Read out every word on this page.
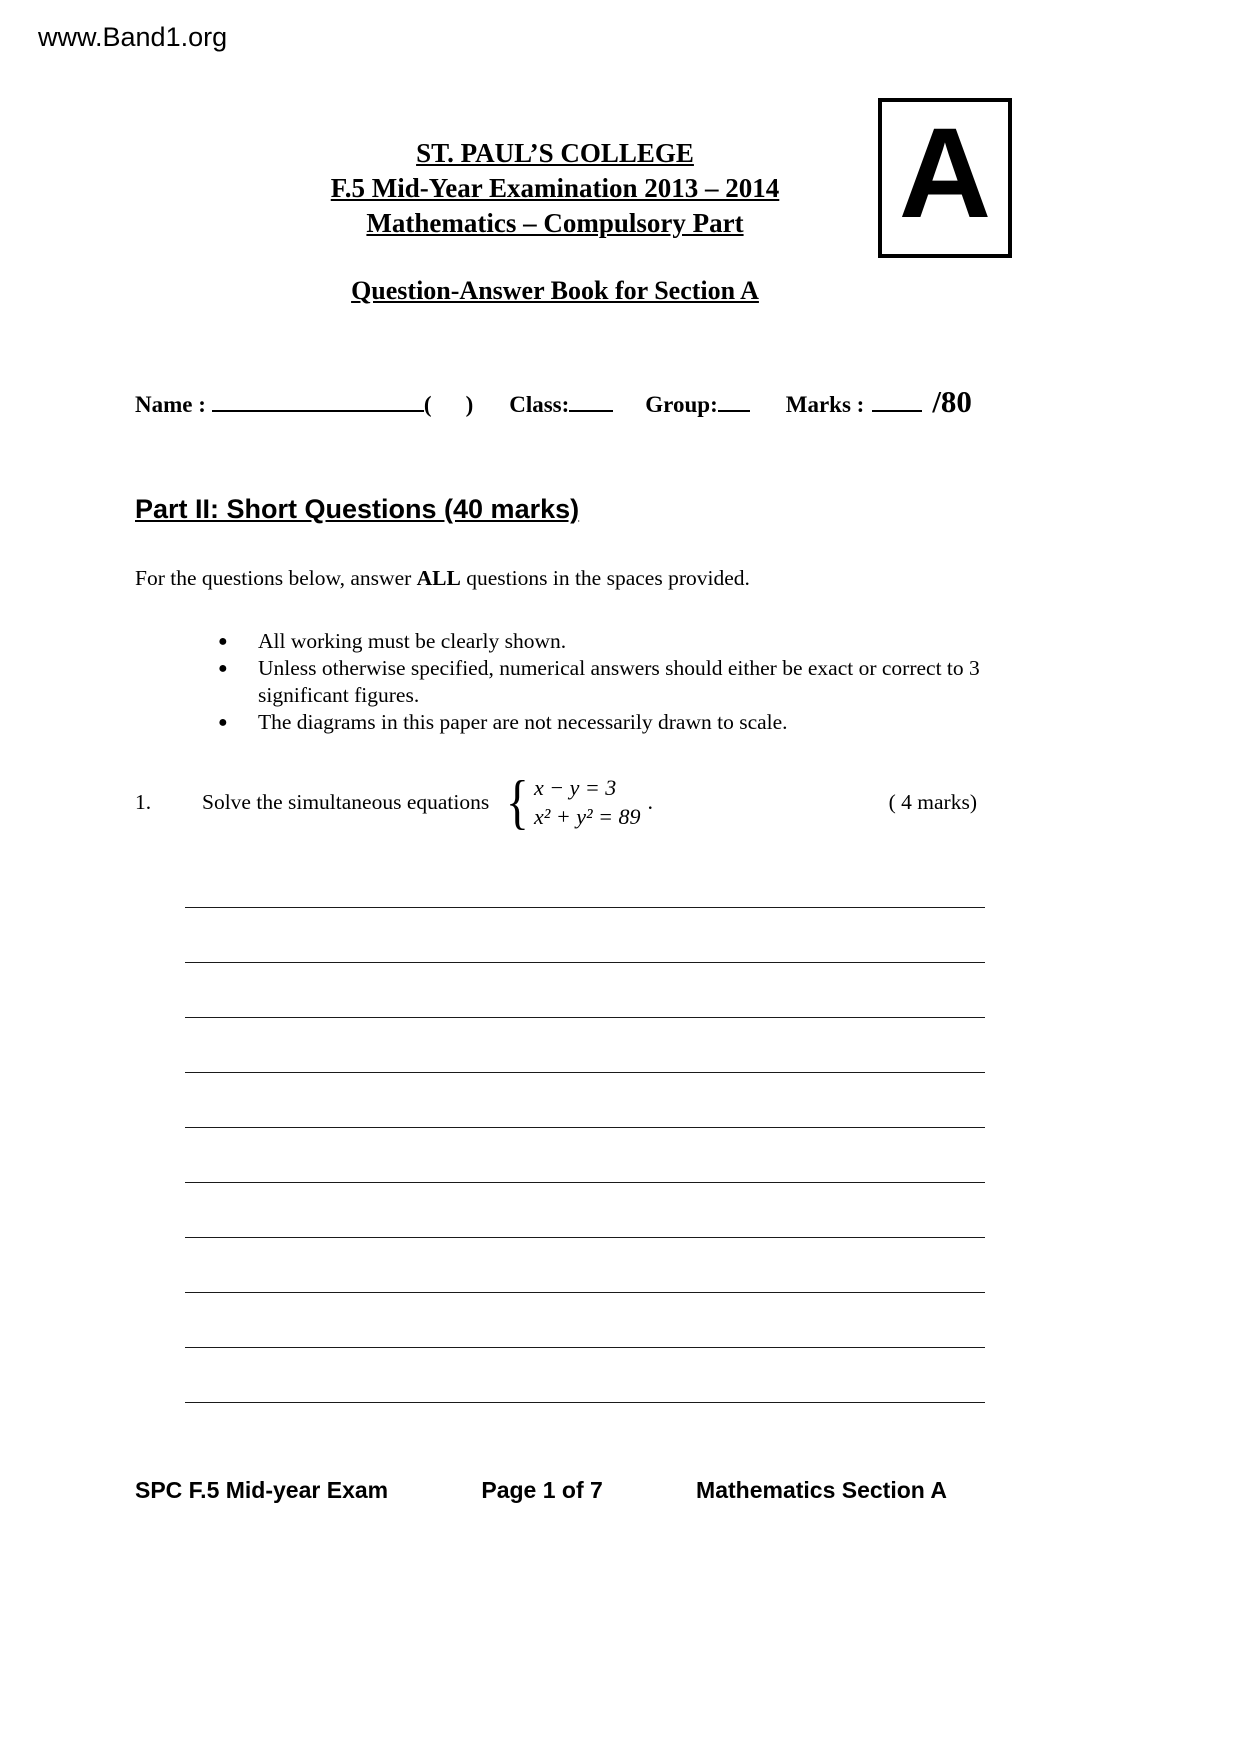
www.Band1.org
ST. PAUL’S COLLEGE
F.5 Mid-Year Examination 2013 – 2014
Mathematics – Compulsory Part	A
Question-Answer Book for Section A
Name :	( ) Class:	Group:	Marks : /80
Part II: Short Questions (40 marks)
For the questions below, answer ALL questions in the spaces provided.
●	All working must be clearly shown.
●	Unless otherwise specified, numerical answers should either be exact or correct to 3 significant figures.
●	The diagrams in this paper are not necessarily drawn to scale.
1.	Solve the simultaneous equations { x − y = 3
x² + y² = 89
.	( 4 marks)
SPC F.5 Mid-year Exam	Page 1 of 7	Mathematics Section A
